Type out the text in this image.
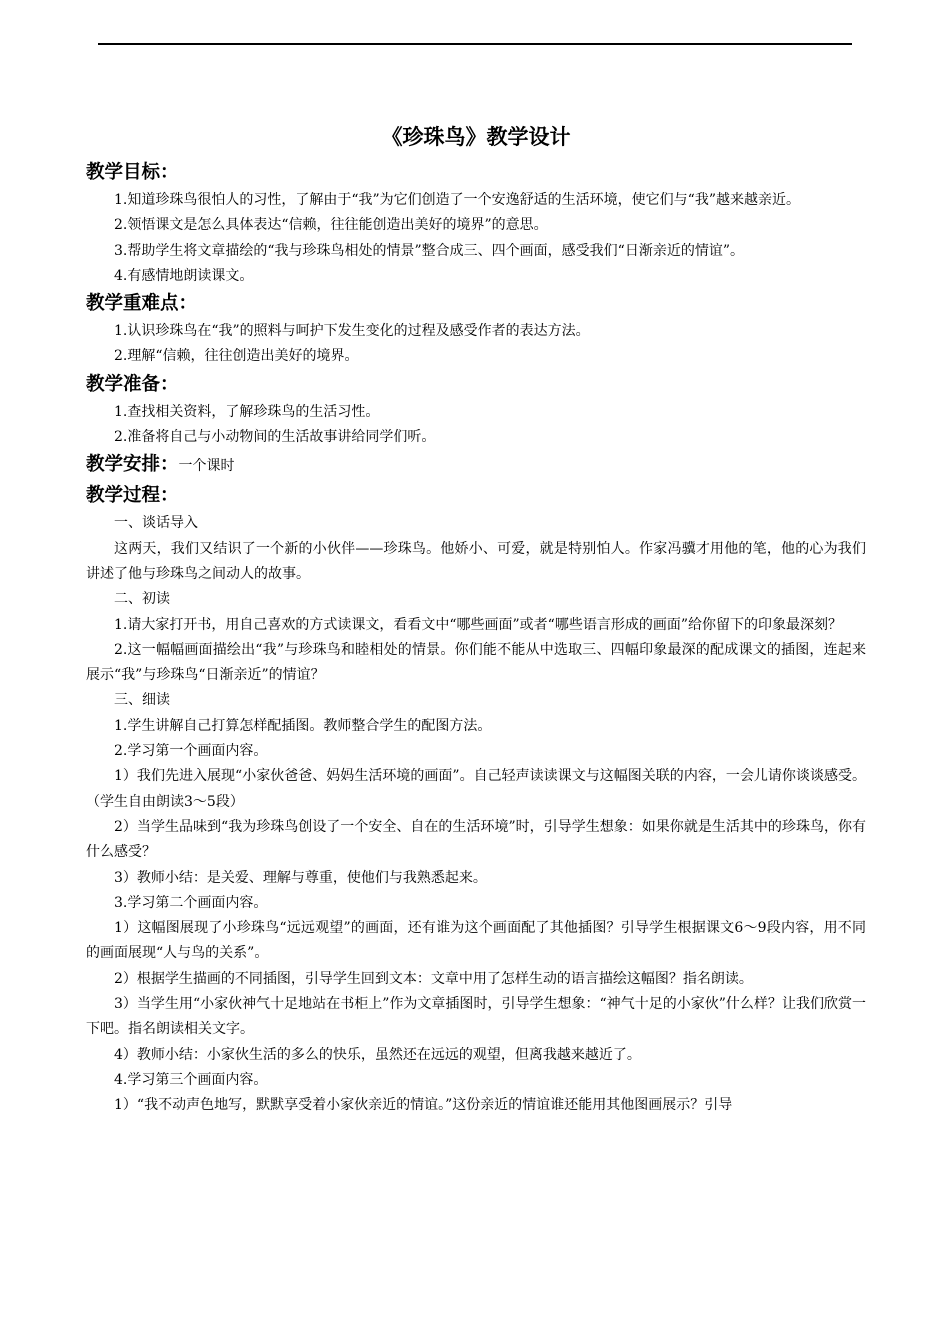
《珍珠鸟》教学设计
教学目标：

1.知道珍珠鸟很怕人的习性，了解由于“我”为它们创造了一个安逸舒适的生活环境，使它们与“我”越来越亲近。

2.领悟课文是怎么具体表达“信赖，往往能创造出美好的境界”的意思。

3.帮助学生将文章描绘的“我与珍珠鸟相处的情景”整合成三、四个画面，感受我们“日渐亲近的情谊”。

4.有感情地朗读课文。

教学重难点：

1.认识珍珠鸟在“我”的照料与呵护下发生变化的过程及感受作者的表达方法。

2.理解“信赖，往往创造出美好的境界。

教学准备：

1.查找相关资料，了解珍珠鸟的生活习性。

2.准备将自己与小动物间的生活故事讲给同学们听。

教学安排：一个课时
教学过程：

一、谈话导入

这两天，我们又结识了一个新的小伙伴——珍珠鸟。他娇小、可爱，就是特别怕人。作家冯骥才用他的笔，他的心为我们讲述了他与珍珠鸟之间动人的故事。

二、初读

1.请大家打开书，用自己喜欢的方式读课文，看看文中“哪些画面”或者“哪些语言形成的画面”给你留下的印象最深刻？

2.这一幅幅画面描绘出“我”与珍珠鸟和睦相处的情景。你们能不能从中选取三、四幅印象最深的配成课文的插图，连起来展示“我”与珍珠鸟“日渐亲近”的情谊？

三、细读

1.学生讲解自己打算怎样配插图。教师整合学生的配图方法。

2.学习第一个画面内容。

1）我们先进入展现“小家伙爸爸、妈妈生活环境的画面”。自己轻声读读课文与这幅图关联的内容，一会儿请你谈谈感受。（学生自由朗读3～5段）

2）当学生品味到“我为珍珠鸟创设了一个安全、自在的生活环境”时，引导学生想象：如果你就是生活其中的珍珠鸟，你有什么感受？

3）教师小结：是关爱、理解与尊重，使他们与我熟悉起来。

3.学习第二个画面内容。

1）这幅图展现了小珍珠鸟“远远观望”的画面，还有谁为这个画面配了其他插图？引导学生根据课文6～9段内容，用不同的画面展现“人与鸟的关系”。

2）根据学生描画的不同插图，引导学生回到文本：文章中用了怎样生动的语言描绘这幅图？指名朗读。

3）当学生用“小家伙神气十足地站在书柜上”作为文章插图时，引导学生想象：“神气十足的小家伙”什么样？让我们欣赏一下吧。指名朗读相关文字。

4）教师小结：小家伙生活的多么的快乐，虽然还在远远的观望，但离我越来越近了。

4.学习第三个画面内容。

1）“我不动声色地写，默默享受着小家伙亲近的情谊。”这份亲近的情谊谁还能用其他图画展示？引导
